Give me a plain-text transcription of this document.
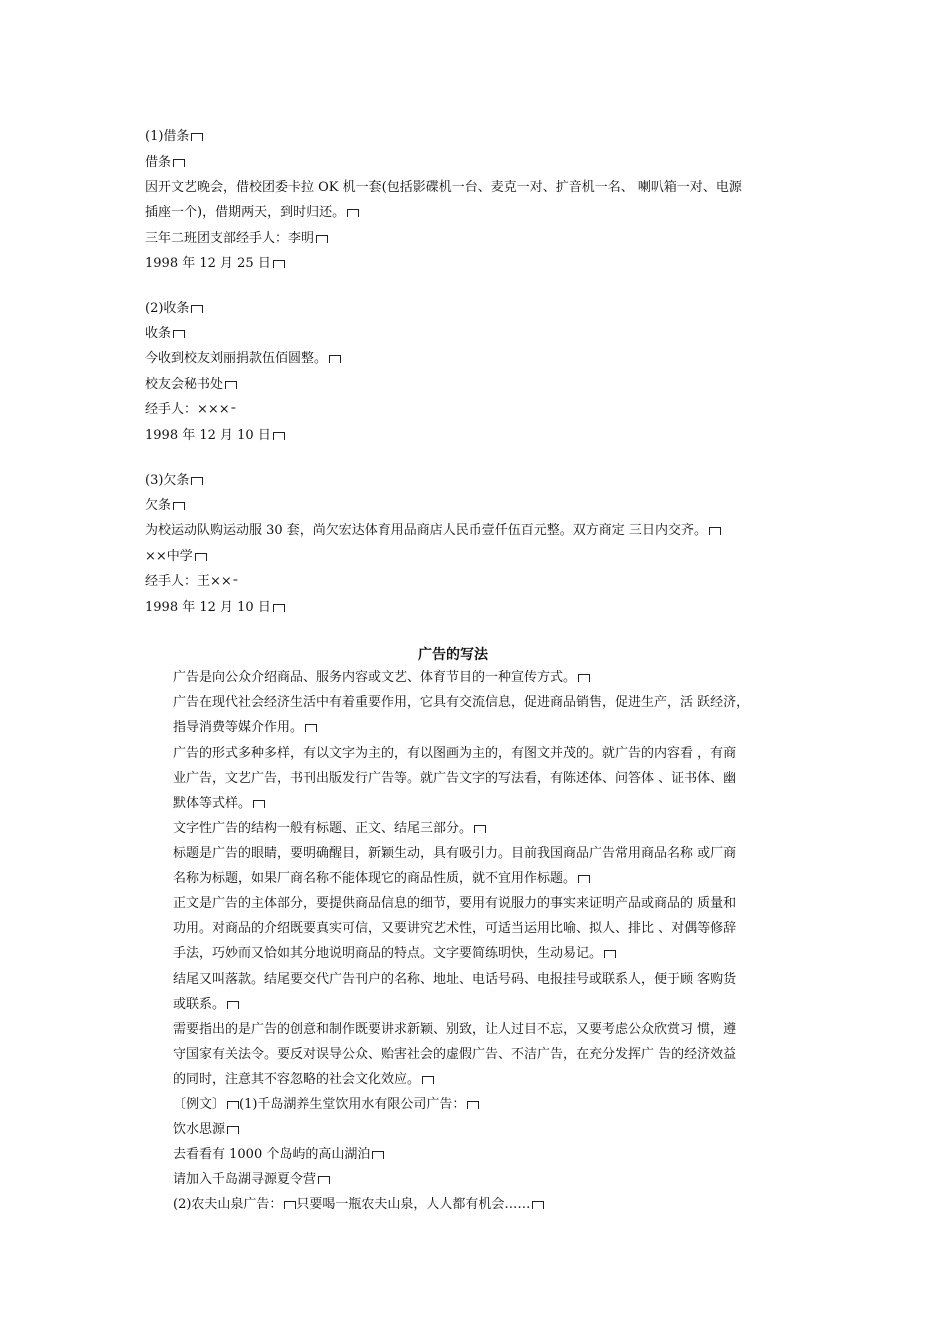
(1)借条
借条
因开文艺晚会，借校团委卡拉 OK 机一套(包括影碟机一台、麦克一对、扩音机一名、 喇叭箱一对、电源
插座一个)，借期两天，到时归还。
三年二班团支部经手人：李明
1998 年 12 月 25 日
(2)收条
收条
今收到校友刘丽捐款伍佰圆整。
校友会秘书处
经手人：×××⁼
1998 年 12 月 10 日
(3)欠条
欠条
为校运动队购运动服 30 套，尚欠宏达体育用品商店人民币壹仟伍百元整。双方商定 三日内交齐。
××中学
经手人：王××⁼
1998 年 12 月 10 日
广告的写法
广告是向公众介绍商品、服务内容或文艺、体育节目的一种宣传方式。
广告在现代社会经济生活中有着重要作用，它具有交流信息，促进商品销售，促进生产，活 跃经济，
指导消费等媒介作用。
广告的形式多种多样，有以文字为主的，有以图画为主的，有图文并茂的。就广告的内容看 ，有商
业广告，文艺广告，书刊出版发行广告等。就广告文字的写法看，有陈述体、问答体 、证书体、幽
默体等式样。
文字性广告的结构一般有标题、正文、结尾三部分。
标题是广告的眼睛，要明确醒目，新颖生动，具有吸引力。目前我国商品广告常用商品名称 或厂商
名称为标题，如果厂商名称不能体现它的商品性质，就不宜用作标题。
正文是广告的主体部分，要提供商品信息的细节，要用有说服力的事实来证明产品或商品的 质量和
功用。对商品的介绍既要真实可信，又要讲究艺术性，可适当运用比喻、拟人、排比 、对偶等修辞
手法，巧妙而又恰如其分地说明商品的特点。文字要简练明快，生动易记。
结尾又叫落款。结尾要交代广告刊户的名称、地址、电话号码、电报挂号或联系人，便于顾 客购货
或联系。
需要指出的是广告的创意和制作既要讲求新颖、别致，让人过目不忘，又要考虑公众欣赏习 惯，遵
守国家有关法令。要反对误导公众、贻害社会的虚假广告、不洁广告，在充分发挥广 告的经济效益
的同时，注意其不容忽略的社会文化效应。
〔例文〕 (1)千岛湖养生堂饮用水有限公司广告：
饮水思源
去看看有 1000 个岛屿的高山湖泊
请加入千岛湖寻源夏令营
(2)农夫山泉广告： 只要喝一瓶农夫山泉，人人都有机会……
